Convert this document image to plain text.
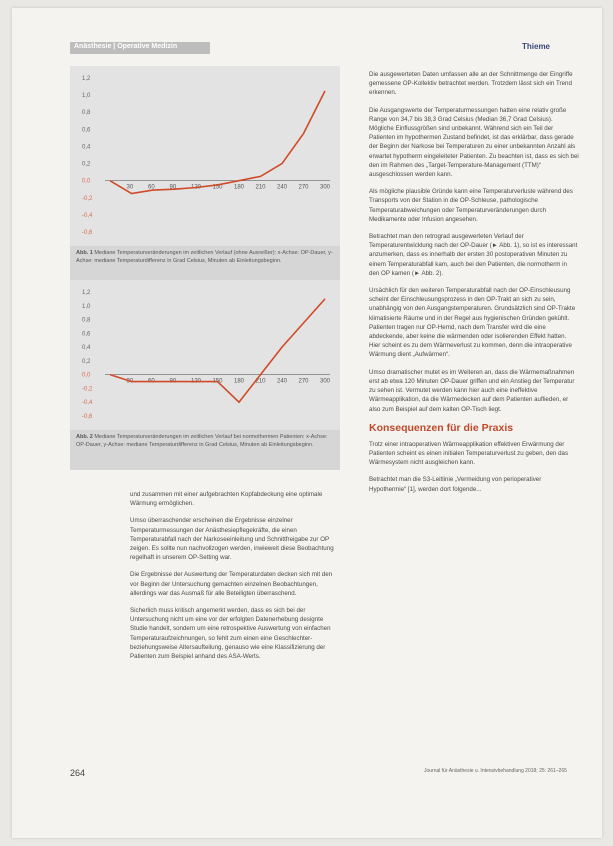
Anästhesie | Operative Medizin	Thieme
1,2
1,0
0,8
0,6
0,4
0,2
0,0
-0,2
-0,4
-0,6
30 60 90 120 150 180 210 240 270 300
Abb. 1 Mediane Temperaturveränderungen im zeitlichen Verlauf (ohne Ausreißer): x-Achse: OP-Dauer, y-Achse: mediane Temperaturdifferenz in Grad Celsius, Minuten ab Einleitungsbeginn.
1,2
1,0
0,8
0,6
0,4
0,2
0,0
-0,2
-0,4
-0,6
30 60 90 120 150 180 210 240 270 300
Abb. 2 Mediane Temperaturveränderungen im zeitlichen Verlauf bei normothermen Patienten: x-Achse: OP-Dauer, y-Achse: mediane Temperaturdifferenz in Grad Celsius, Minuten ab Einleitungsbeginn.

und zusammen mit einer aufgebrachten Kopfabdeckung eine optimale Wärmung ermöglichen.

Umso überraschender erscheinen die Ergebnisse einzelner Temperaturmessungen der Anästhesiepflegekräfte, die einen Temperaturabfall nach der Narkoseeinleitung und Schnittfreigabe zur OP zeigen. Es sollte nun nachvollzogen werden, inwieweit diese Beobachtung regelhaft in unserem OP-Setting war.

Die Ergebnisse der Auswertung der Temperaturdaten decken sich mit den vor Beginn der Untersuchung gemachten einzelnen Beobachtungen, allerdings war das Ausmaß für alle Beteiligten überraschend.

Sicherlich muss kritisch angemerkt werden, dass es sich bei der Untersuchung nicht um eine vor der erfolgten Datenerhebung designte Studie handelt, sondern um eine retrospektive Auswertung von einfachen Temperaturaufzeichnungen, so fehlt zum einen eine Geschlechter- beziehungsweise Altersaufteilung, genauso wie eine Klassifizierung der Patienten zum Beispiel anhand des ASA-Werts.

Die ausgewerteten Daten umfassen alle an der Schnittmenge der Eingriffe gemessene OP-Kollektiv betrachtet werden. Trotzdem lässt sich ein Trend erkennen.

Die Ausgangswerte der Temperaturmessungen hatten eine relativ große Range von 34,7 bis 38,3 Grad Celsius (Median 36,7 Grad Celsius). Mögliche Einflussgrößen sind unbekannt. Während sich ein Teil der Patienten im hypothermen Zustand befindet, ist das erklärbar, dass gerade der Beginn der Narkose bei Temperaturen zu einer unbekannten Anzahl als erwartet hypotherm eingeleiteter Patienten. Zu beachten ist, dass es sich bei den im Rahmen des „Target-Temperature-Management (TTM)“ ausgeschlossen werden kann.

Als mögliche plausible Gründe kann eine Temperaturverluste während des Transports von der Station in die OP-Schleuse, pathologische Temperaturabweichungen oder Temperaturveränderungen durch Medikamente oder Infusion angesehen.

Betrachtet man den retrograd ausgewerteten Verlauf der Temperaturentwicklung nach der OP-Dauer (► Abb. 1), so ist es interessant anzumerken, dass es innerhalb der ersten 30 postoperativen Minuten zu einem Temperaturabfall kam, auch bei den Patienten, die normotherm in den OP kamen (► Abb. 2).

Ursächlich für den weiteren Temperaturabfall nach der OP-Einschleusung scheint der Einschleusungsprozess in den OP-Trakt an sich zu sein, unabhängig von den Ausgangstemperaturen. Grundsätzlich sind OP-Trakte klimatisierte Räume und in der Regel aus hygienischen Gründen gekühlt. Patienten tragen nur OP-Hemd, nach dem Transfer wird die eine abdeckende, aber keine die wärmenden oder isolierenden Effekt hatten. Hier scheint es zu dem Wärmeverlust zu kommen, denn die intraoperative Wärmung dient „Aufwärmen“.

Umso dramatischer mutet es im Weiteren an, dass die Wärmemaßnahmen erst ab etwa 120 Minuten OP-Dauer griffen und ein Anstieg der Temperatur zu sehen ist. Vermutet werden kann hier auch eine ineffektive Wärmeapplikation, da die Wärmedecken auf dem Patienten auflieden, er also zum Beispiel auf dem kalten OP-Tisch liegt.

Konsequenzen für die Praxis

Trotz einer intraoperativen Wärmeapplikation effektiven Erwärmung der Patienten scheint es einen initialen Temperaturverlust zu geben, den das Wärmesystem nicht ausgleichen kann.

Betrachtet man die S3-Leitlinie „Vermeidung von perioperativer Hypothermie“ [1], werden dort folgende...

264	Journal für Anästhesie u. Intensivbehandlung 2018; 25: 261–265
